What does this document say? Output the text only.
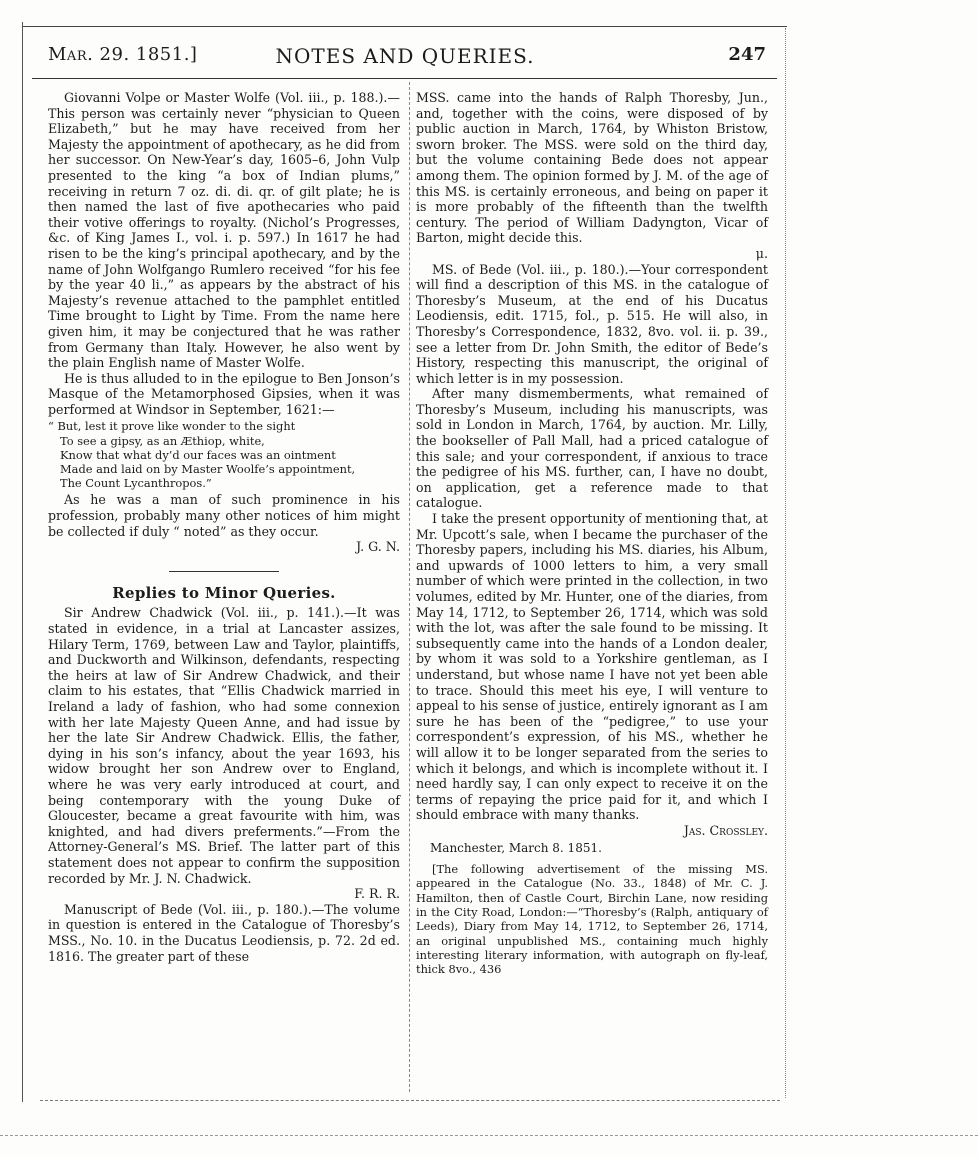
Mar. 29. 1851.]	NOTES AND QUERIES.	247

Giovanni Volpe or Master Wolfe (Vol. iii., p. 188.).—This person was certainly never “physician to Queen Elizabeth,” but he may have received from her Majesty the appointment of apothecary, as he did from her successor. On New-Year’s day, 1605–6, John Vulp presented to the king “a box of Indian plums,” receiving in return 7 oz. di. di. qr. of gilt plate; he is then named the last of five apothecaries who paid their votive offerings to royalty. (Nichol’s Progresses, &c. of King James I., vol. i. p. 597.) In 1617 he had risen to be the king’s principal apothecary, and by the name of John Wolfgango Rumlero received “for his fee by the year 40 li.,” as appears by the abstract of his Majesty’s revenue attached to the pamphlet entitled Time brought to Light by Time. From the name here given him, it may be conjectured that he was rather from Germany than Italy. However, he also went by the plain English name of Master Wolfe.

He is thus alluded to in the epilogue to Ben Jonson’s Masque of the Metamorphosed Gipsies, when it was performed at Windsor in September, 1621:—

“ But, lest it prove like wonder to the sight
To see a gipsy, as an Æthiop, white,
Know that what dy’d our faces was an ointment
Made and laid on by Master Woolfe’s appointment,
The Count Lycanthropos.”

As he was a man of such prominence in his profession, probably many other notices of him might be collected if duly “ noted” as they occur.

J. G. N.

Replies to Minor Queries.

Sir Andrew Chadwick (Vol. iii., p. 141.).—It was stated in evidence, in a trial at Lancaster assizes, Hilary Term, 1769, between Law and Taylor, plaintiffs, and Duckworth and Wilkinson, defendants, respecting the heirs at law of Sir Andrew Chadwick, and their claim to his estates, that “Ellis Chadwick married in Ireland a lady of fashion, who had some connexion with her late Majesty Queen Anne, and had issue by her the late Sir Andrew Chadwick. Ellis, the father, dying in his son’s infancy, about the year 1693, his widow brought her son Andrew over to England, where he was very early introduced at court, and being contemporary with the young Duke of Gloucester, became a great favourite with him, was knighted, and had divers preferments.”—From the Attorney-General’s MS. Brief. The latter part of this statement does not appear to confirm the supposition recorded by Mr. J. N. Chadwick.

F. R. R.

Manuscript of Bede (Vol. iii., p. 180.).—The volume in question is entered in the Catalogue of Thoresby’s MSS., No. 10. in the Ducatus Leodiensis, p. 72. 2d ed. 1816. The greater part of these

MSS. came into the hands of Ralph Thoresby, Jun., and, together with the coins, were disposed of by public auction in March, 1764, by Whiston Bristow, sworn broker. The MSS. were sold on the third day, but the volume containing Bede does not appear among them. The opinion formed by J. M. of the age of this MS. is certainly erroneous, and being on paper it is more probably of the fifteenth than the twelfth century. The period of William Dadyngton, Vicar of Barton, might decide this.

μ.

MS. of Bede (Vol. iii., p. 180.).—Your correspondent will find a description of this MS. in the catalogue of Thoresby’s Museum, at the end of his Ducatus Leodiensis, edit. 1715, fol., p. 515. He will also, in Thoresby’s Correspondence, 1832, 8vo. vol. ii. p. 39., see a letter from Dr. John Smith, the editor of Bede’s History, respecting this manuscript, the original of which letter is in my possession.

After many dismemberments, what remained of Thoresby’s Museum, including his manuscripts, was sold in London in March, 1764, by auction. Mr. Lilly, the bookseller of Pall Mall, had a priced catalogue of this sale; and your correspondent, if anxious to trace the pedigree of his MS. further, can, I have no doubt, on application, get a reference made to that catalogue.

I take the present opportunity of mentioning that, at Mr. Upcott’s sale, when I became the purchaser of the Thoresby papers, including his MS. diaries, his Album, and upwards of 1000 letters to him, a very small number of which were printed in the collection, in two volumes, edited by Mr. Hunter, one of the diaries, from May 14, 1712, to September 26, 1714, which was sold with the lot, was after the sale found to be missing. It subsequently came into the hands of a London dealer, by whom it was sold to a Yorkshire gentleman, as I understand, but whose name I have not yet been able to trace. Should this meet his eye, I will venture to appeal to his sense of justice, entirely ignorant as I am sure he has been of the “pedigree,” to use your correspondent’s expression, of his MS., whether he will allow it to be longer separated from the series to which it belongs, and which is incomplete without it. I need hardly say, I can only expect to receive it on the terms of repaying the price paid for it, and which I should embrace with many thanks.

Jas. Crossley.

Manchester, March 8. 1851.

[The following advertisement of the missing MS. appeared in the Catalogue (No. 33., 1848) of Mr. C. J. Hamilton, then of Castle Court, Birchin Lane, now residing in the City Road, London:—“Thoresby’s (Ralph, antiquary of Leeds), Diary from May 14, 1712, to September 26, 1714, an original unpublished MS., containing much highly interesting literary information, with autograph on fly-leaf, thick 8vo., 436
